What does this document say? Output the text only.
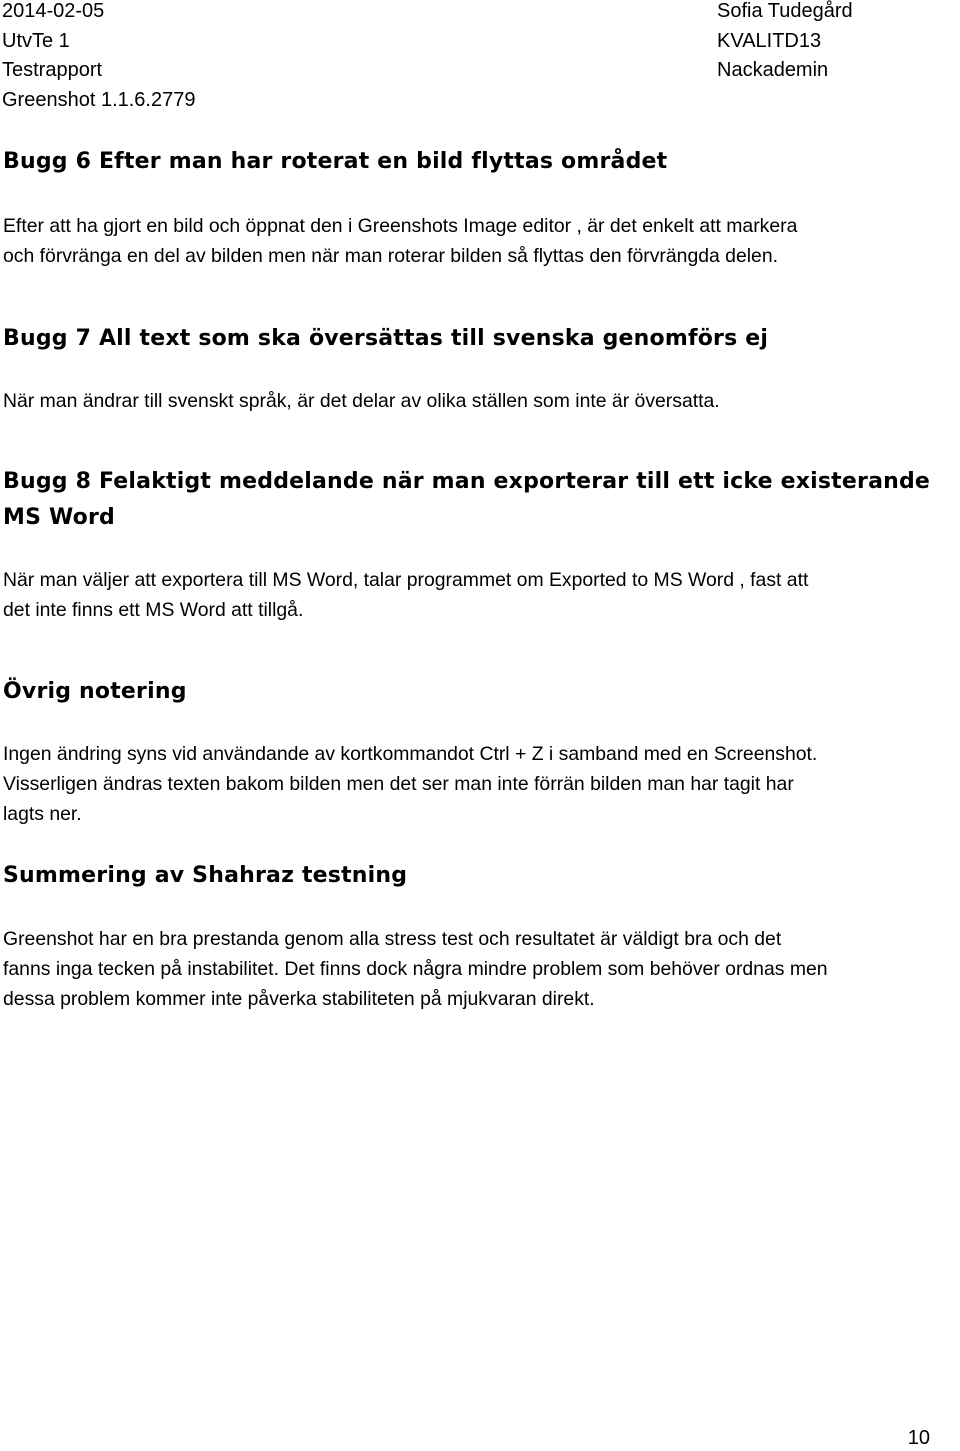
2014-02-05
UtvTe 1
Testrapport
Greenshot 1.1.6.2779
Sofia Tudegård
KVALITD13
Nackademin
Bugg 6 Efter man har roterat en bild flyttas området

Efter att ha gjort en bild och öppnat den i Greenshots Image editor , är det enkelt att markera
och förvränga en del av bilden men när man roterar bilden så flyttas den förvrängda delen.

Bugg 7 All text som ska översättas till svenska genomförs ej

När man ändrar till svenskt språk, är det delar av olika ställen som inte är översatta.

Bugg 8 Felaktigt meddelande när man exporterar till ett icke existerande MS Word

När man väljer att exportera till MS Word, talar programmet om Exported to MS Word , fast att
det inte finns ett MS Word att tillgå.

Övrig notering

Ingen ändring syns vid användande av kortkommandot Ctrl + Z i samband med en Screenshot.
Visserligen ändras texten bakom bilden men det ser man inte förrän bilden man har tagit har
lagts ner.

Summering av Shahraz testning

Greenshot har en bra prestanda genom alla stress test och resultatet är väldigt bra och det
fanns inga tecken på instabilitet. Det finns dock några mindre problem som behöver ordnas men
dessa problem kommer inte påverka stabiliteten på mjukvaran direkt.

10
